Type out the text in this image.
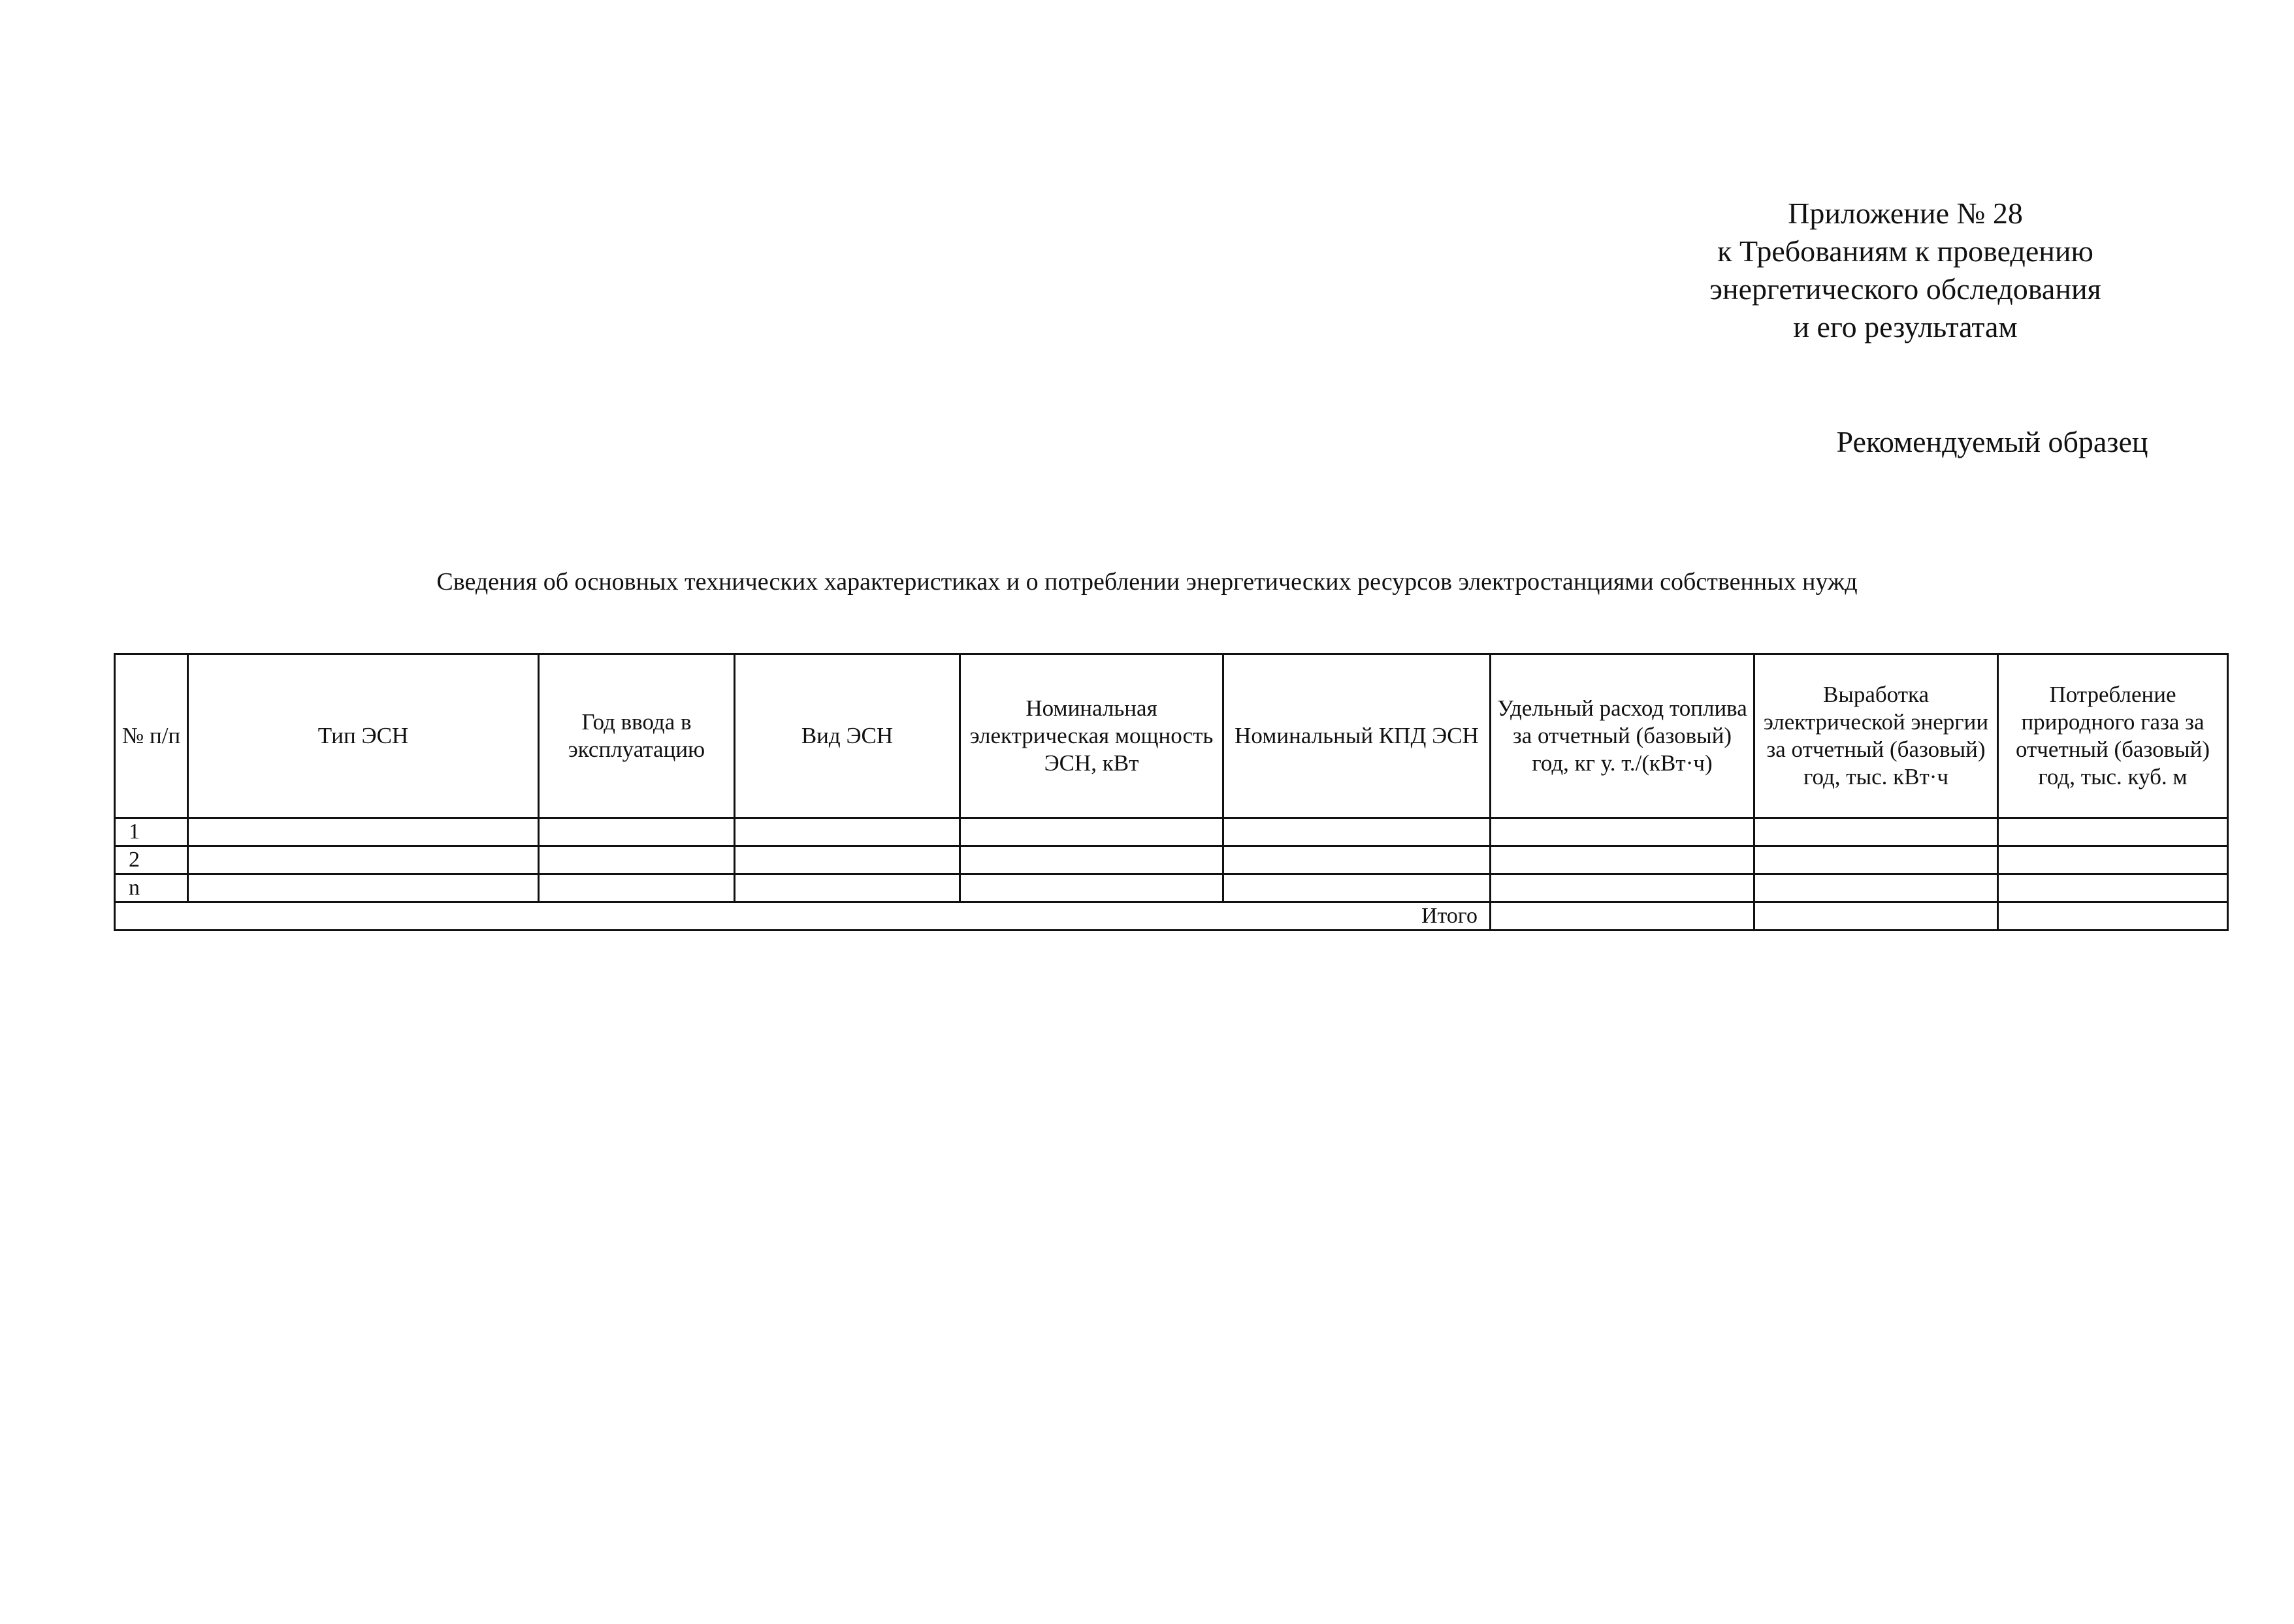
Приложение № 28
к Требованиям к проведению
энергетического обследования
и его результатам
Рекомендуемый образец
Сведения об основных технических характеристиках и о потреблении энергетических ресурсов электростанциями собственных нужд
№ п/п	Тип ЭСН	Год ввода в эксплуатацию	Вид ЭСН	Номинальная электрическая мощность ЭСН, кВт	Номинальный КПД ЭСН	Удельный расход топлива за отчетный (базовый) год, кг у. т./(кВт·ч)	Выработка электрической энергии за отчетный (базовый) год, тыс. кВт·ч	Потребление природного газа за отчетный (базовый) год, тыс. куб. м
1								
2								
n								
Итого								
